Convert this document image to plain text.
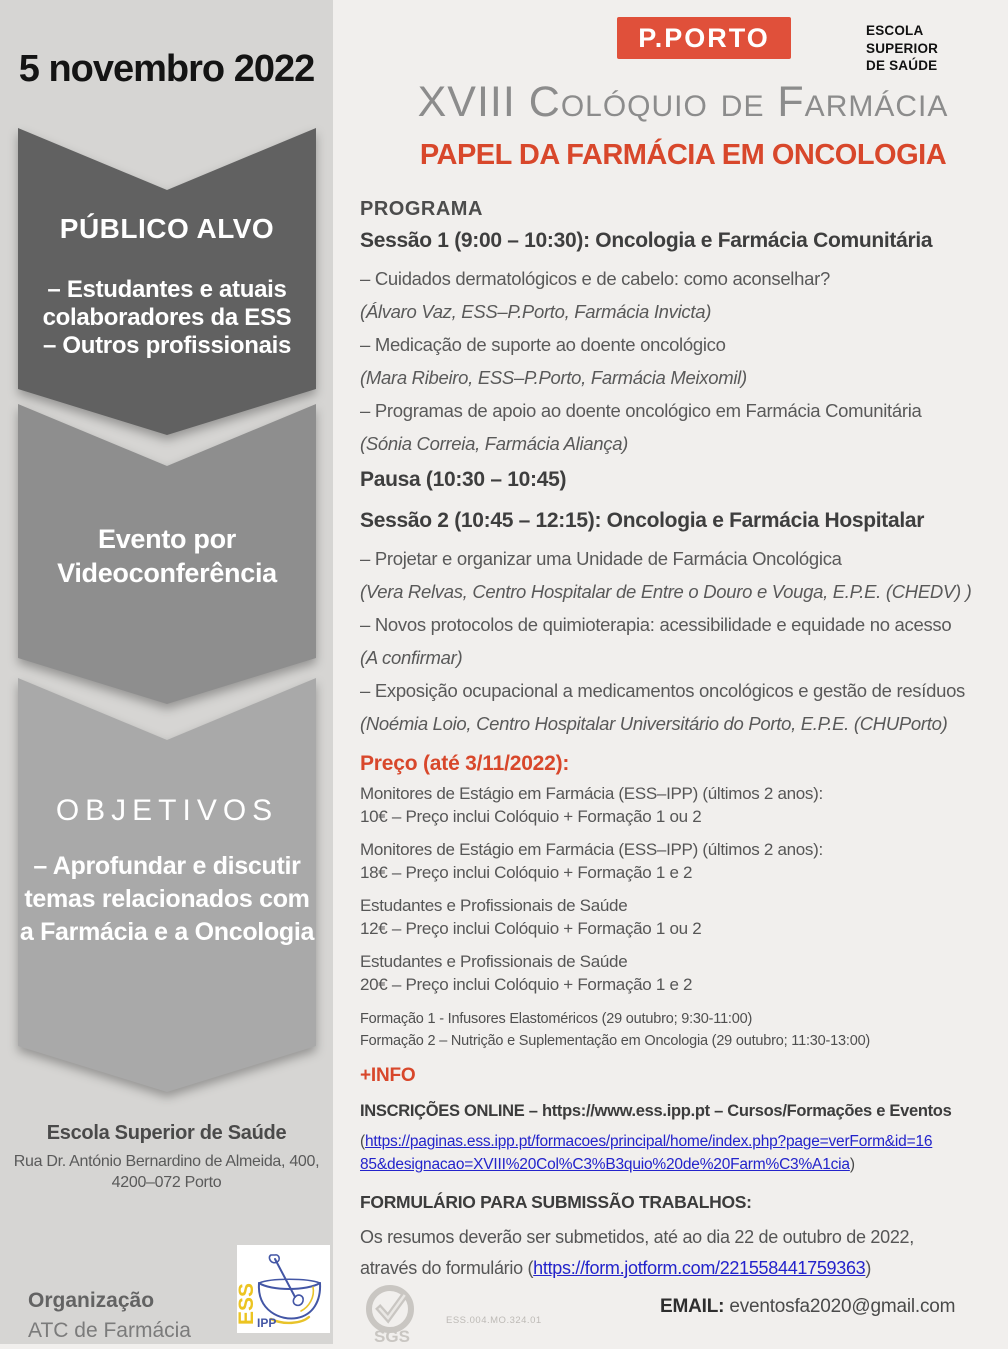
5 novembro 2022
PÚBLICO ALVO

– Estudantes e atuais

colaboradores da ESS

– Outros profissionais

Evento por

Videoconferência

OBJETIVOS

– Aprofundar e discutir

temas relacionados com

a Farmácia e a Oncologia

Escola Superior de Saúde

Rua Dr. António Bernardino de Almeida, 400,

4200–072 Porto

Organização
ATC de Farmácia
ESS IPP
P.PORTO	ESCOLA

SUPERIOR

DE SAÚDE

XVIII Colóquio de Farmácia
PAPEL DA FARMÁCIA EM ONCOLOGIA

PROGRAMA

Sessão 1 (9:00 – 10:30): Oncologia e Farmácia Comunitária

– Cuidados dermatológicos e de cabelo: como aconselhar?

(Álvaro Vaz, ESS–P.Porto, Farmácia Invicta)

– Medicação de suporte ao doente oncológico

(Mara Ribeiro, ESS–P.Porto, Farmácia Meixomil)

– Programas de apoio ao doente oncológico em Farmácia Comunitária

(Sónia Correia, Farmácia Aliança)

Pausa (10:30 – 10:45)

Sessão 2 (10:45 – 12:15): Oncologia e Farmácia Hospitalar

– Projetar e organizar uma Unidade de Farmácia Oncológica

(Vera Relvas, Centro Hospitalar de Entre o Douro e Vouga, E.P.E. (CHEDV) )

– Novos protocolos de quimioterapia: acessibilidade e equidade no acesso

(A confirmar)

– Exposição ocupacional a medicamentos oncológicos e gestão de resíduos

(Noémia Loio, Centro Hospitalar Universitário do Porto, E.P.E. (CHUPorto)

Preço (até 3/11/2022):

Monitores de Estágio em Farmácia (ESS–IPP) (últimos 2 anos):

10€ – Preço inclui Colóquio + Formação 1 ou 2

Monitores de Estágio em Farmácia (ESS–IPP) (últimos 2 anos):

18€ – Preço inclui Colóquio + Formação 1 e 2

Estudantes e Profissionais de Saúde

12€ – Preço inclui Colóquio + Formação 1 ou 2

Estudantes e Profissionais de Saúde

20€ – Preço inclui Colóquio + Formação 1 e 2

Formação 1 - Infusores Elastoméricos (29 outubro; 9:30-11:00)

Formação 2 – Nutrição e Suplementação em Oncologia (29 outubro; 11:30-13:00)

+INFO

INSCRIÇÕES ONLINE – https://www.ess.ipp.pt – Cursos/Formações e Eventos

(https://paginas.ess.ipp.pt/formacoes/principal/home/index.php?page=verForm&id=16
85&designacao=XVIII%20Col%C3%B3quio%20de%20Farm%C3%A1cia)

FORMULÁRIO PARA SUBMISSÃO TRABALHOS:

Os resumos deverão ser submetidos, até ao dia 22 de outubro de 2022,

através do formulário (https://form.jotform.com/221558441759363)

EMAIL: eventosfa2020@gmail.com

SGS

ESS.004.MO.324.01
